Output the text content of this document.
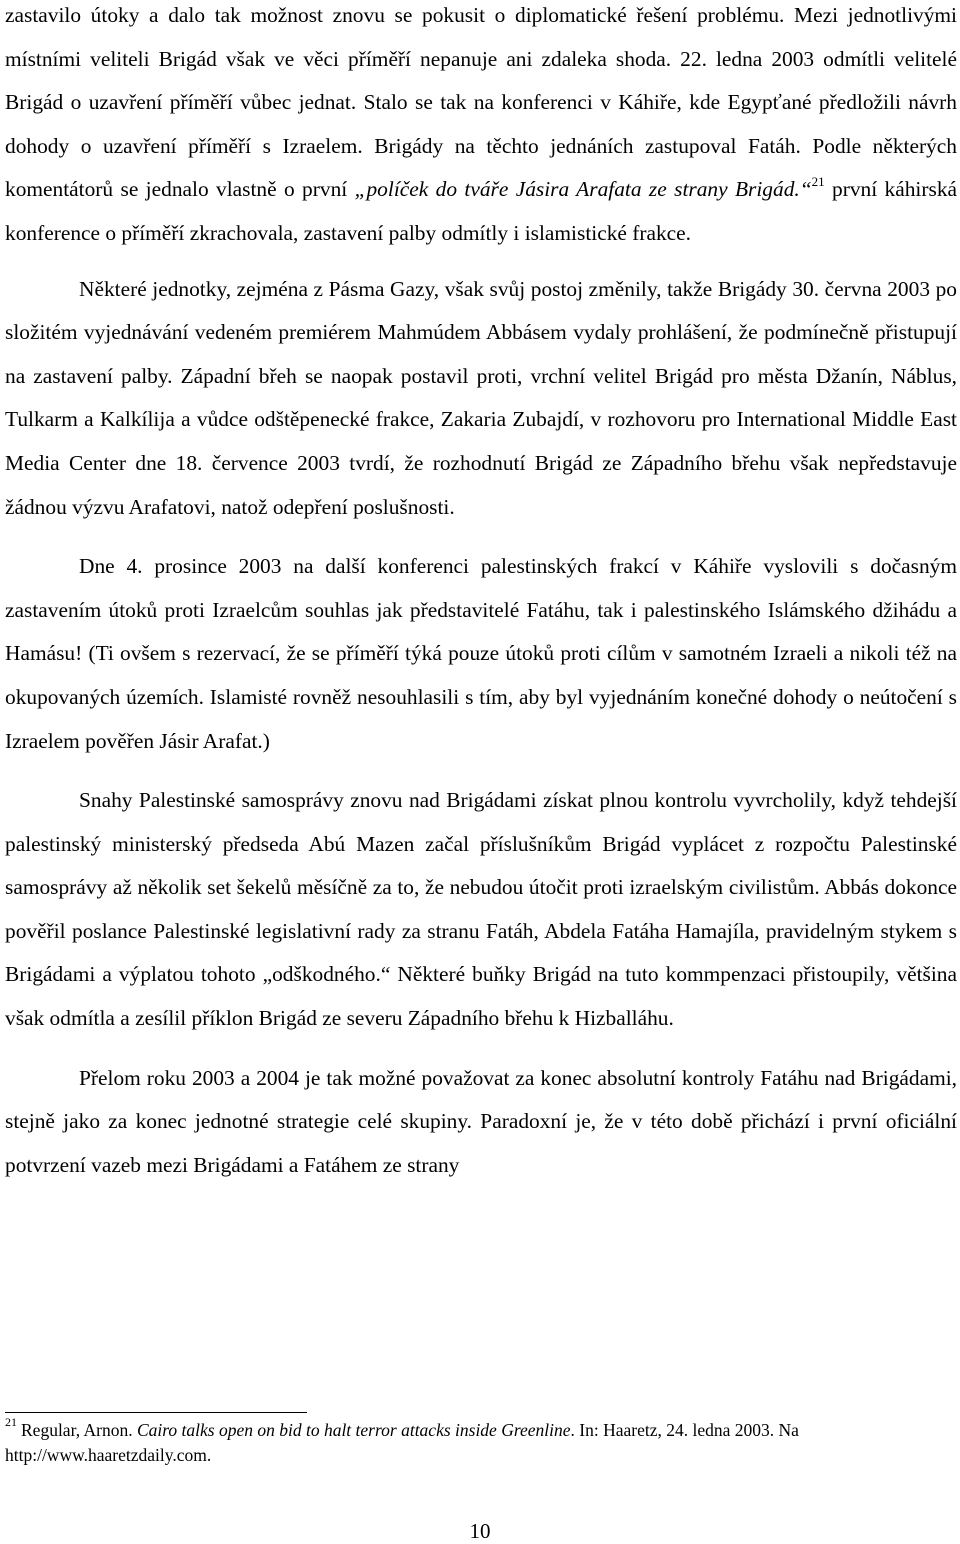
zastavilo útoky a dalo tak možnost znovu se pokusit o diplomatické řešení problému. Mezi jednotlivými místními veliteli Brigád však ve věci příměří nepanuje ani zdaleka shoda. 22. ledna 2003 odmítli velitelé Brigád o uzavření příměří vůbec jednat. Stalo se tak na konferenci v Káhiře, kde Egypťané předložili návrh dohody o uzavření příměří s Izraelem. Brigády na těchto jednáních zastupoval Fatáh. Podle některých komentátorů se jednalo vlastně o první „políček do tváře Jásira Arafata ze strany Brigád.“$^{21}$ první káhirská konference o příměří zkrachovala, zastavení palby odmítly i islamistické frakce.

Některé jednotky, zejména z Pásma Gazy, však svůj postoj změnily, takže Brigády 30. června 2003 po složitém vyjednávání vedeném premiérem Mahmúdem Abbásem vydaly prohlášení, že podmínečně přistupují na zastavení palby. Západní břeh se naopak postavil proti, vrchní velitel Brigád pro města Džanín, Náblus, Tulkarm a Kalkílija a vůdce odštěpenecké frakce, Zakaria Zubajdí, v rozhovoru pro International Middle East Media Center dne 18. července 2003 tvrdí, že rozhodnutí Brigád ze Západního břehu však nepředstavuje žádnou výzvu Arafatovi, natož odepření poslušnosti.

Dne 4. prosince 2003 na další konferenci palestinských frakcí v Káhiře vyslovili s dočasným zastavením útoků proti Izraelcům souhlas jak představitelé Fatáhu, tak i palestinského Islámského džihádu a Hamásu! (Ti ovšem s rezervací, že se příměří týká pouze útoků proti cílům v samotném Izraeli a nikoli též na okupovaných územích. Islamisté rovněž nesouhlasili s tím, aby byl vyjednáním konečné dohody o neútočení s Izraelem pověřen Jásir Arafat.)

Snahy Palestinské samosprávy znovu nad Brigádami získat plnou kontrolu vyvrcholily, když tehdejší palestinský ministerský předseda Abú Mazen začal příslušníkům Brigád vyplácet z rozpočtu Palestinské samosprávy až několik set šekelů měsíčně za to, že nebudou útočit proti izraelským civilistům. Abbás dokonce pověřil poslance Palestinské legislativní rady za stranu Fatáh, Abdela Fatáha Hamajíla, pravidelným stykem s Brigádami a výplatou tohoto „odškodného.“ Některé buňky Brigád na tuto kommpenzaci přistoupily, většina však odmítla a zesílil příklon Brigád ze severu Západního břehu k Hizballáhu.

Přelom roku 2003 a 2004 je tak možné považovat za konec absolutní kontroly Fatáhu nad Brigádami, stejně jako za konec jednotné strategie celé skupiny. Paradoxní je, že v této době přichází i první oficiální potvrzení vazeb mezi Brigádami a Fatáhem ze strany

$^{21}$ Regular, Arnon. Cairo talks open on bid to halt terror attacks inside Greenline. In: Haaretz, 24. ledna 2003. Na http://www.haaretzdaily.com.

10
